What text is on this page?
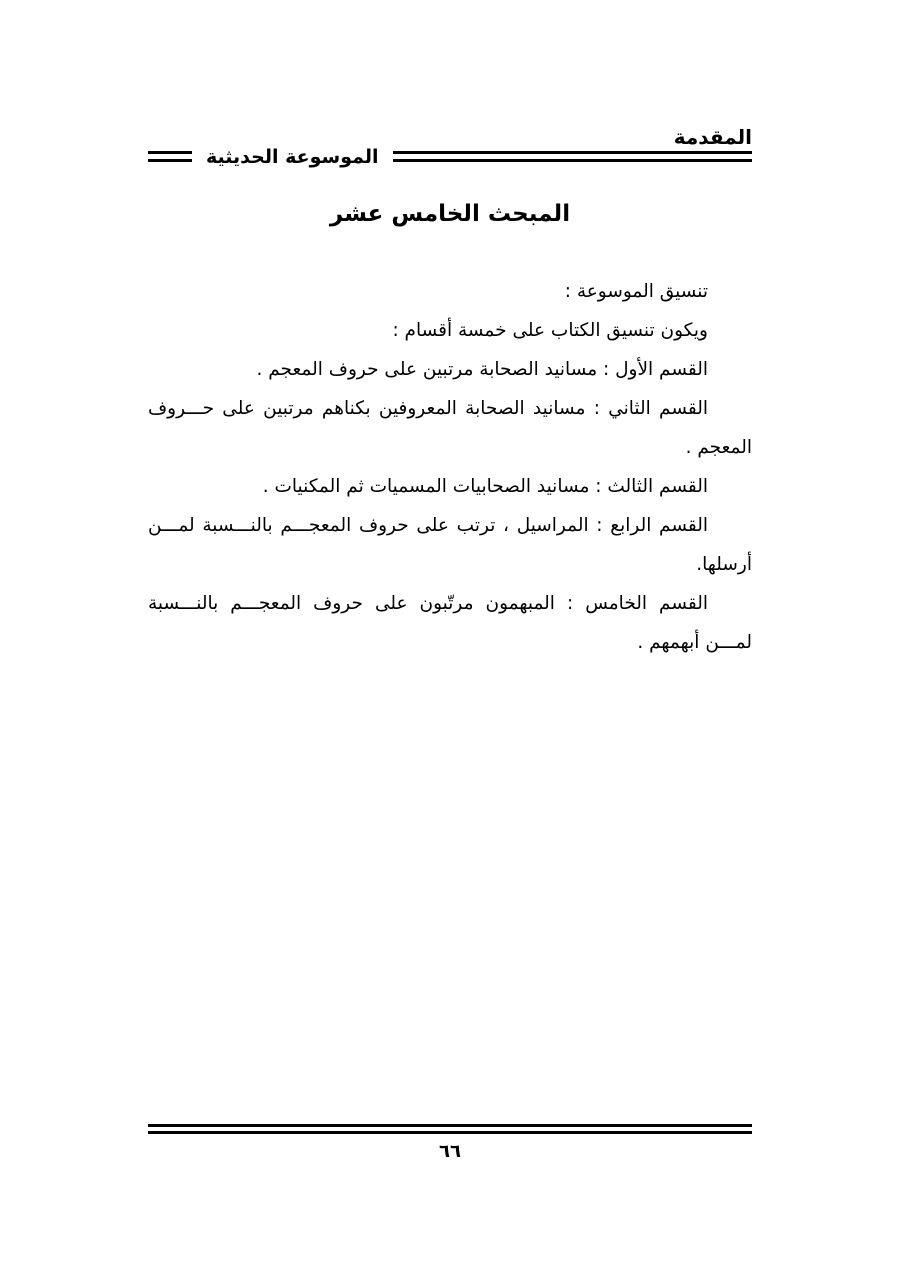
المقدمة
الموسوعة الحديثية
المبحث الخامس عشر

تنسيق الموسوعة :

ويكون تنسيق الكتاب على خمسة أقسام :

القسم الأول : مسانيد الصحابة مرتبين على حروف المعجم .

القسم الثاني : مسانيد الصحابة المعروفين بكناهم مرتبين على حـــروف المعجم .

القسم الثالث : مسانيد الصحابيات المسميات ثم المكنيات .

القسم الرابع : المراسيل ، ترتب على حروف المعجـــم بالنـــسبة لمـــن أرسلها.

القسم الخامس : المبهمون مرتّبون على حروف المعجـــم بالنـــسبة لمـــن أبهمهم .

٦٦
